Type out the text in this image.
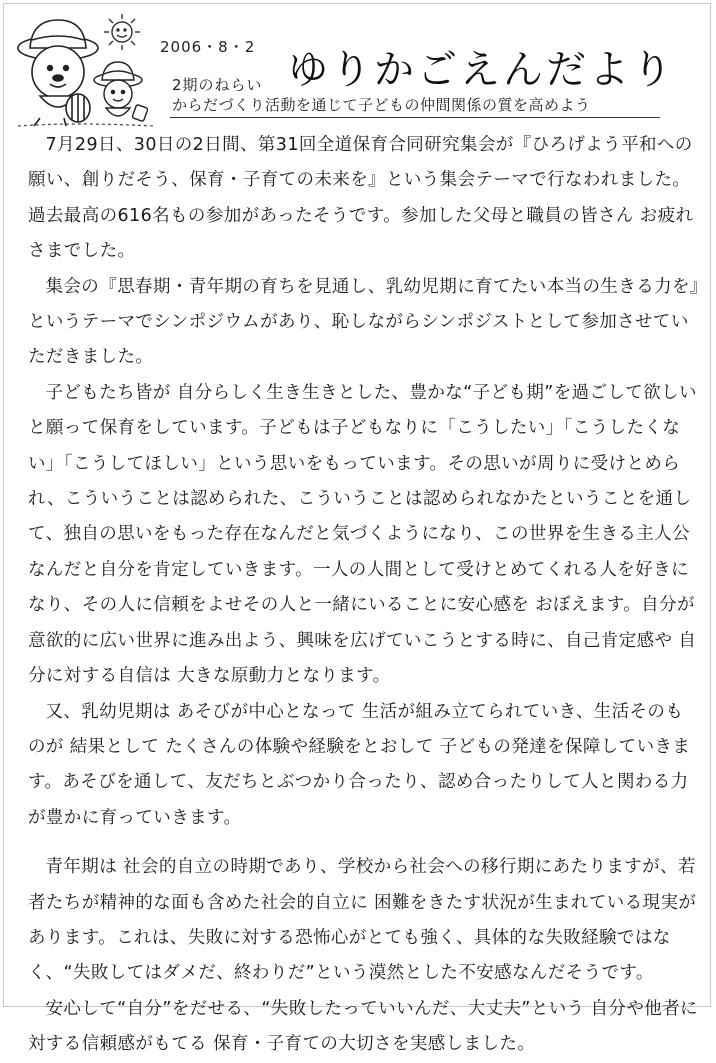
2006・8・2 ゆりかごえんだより
2期のねらい
からだづくり活動を通じて子どもの仲間関係の質を高めよう

7月29日、30日の2日間、第31回全道保育合同研究集会が『ひろげよう平和への願い、創りだそう、保育・子育ての未来を』という集会テーマで行なわれました。過去最高の616名もの参加があったそうです。参加した父母と職員の皆さん お疲れさまでした。

集会の『思春期・青年期の育ちを見通し、乳幼児期に育てたい本当の生きる力を』というテーマでシンポジウムがあり、恥しながらシンポジストとして参加させていただきました。

子どもたち皆が 自分らしく生き生きとした、豊かな“子ども期”を過ごして欲しいと願って保育をしています。子どもは子どもなりに「こうしたい」「こうしたくない」「こうしてほしい」という思いをもっています。その思いが周りに受けとめられ、こういうことは認められた、こういうことは認められなかたということを通して、独自の思いをもった存在なんだと気づくようになり、この世界を生きる主人公なんだと自分を肯定していきます。一人の人間として受けとめてくれる人を好きになり、その人に信頼をよせその人と一緒にいることに安心感を おぼえます。自分が意欲的に広い世界に進み出よう、興味を広げていこうとする時に、自己肯定感や 自分に対する自信は 大きな原動力となります。

又、乳幼児期は あそびが中心となって 生活が組み立てられていき、生活そのものが 結果として たくさんの体験や経験をとおして 子どもの発達を保障していきます。あそびを通して、友だちとぶつかり合ったり、認め合ったりして人と関わる力が豊かに育っていきます。

青年期は 社会的自立の時期であり、学校から社会への移行期にあたりますが、若者たちが精神的な面も含めた社会的自立に 困難をきたす状況が生まれている現実があります。これは、失敗に対する恐怖心がとても強く、具体的な失敗経験ではなく、“失敗してはダメだ、終わりだ”という漠然とした不安感なんだそうです。

安心して“自分”をだせる、“失敗したっていいんだ、大丈夫”という 自分や他者に対する信頼感がもてる 保育・子育ての大切さを実感しました。
